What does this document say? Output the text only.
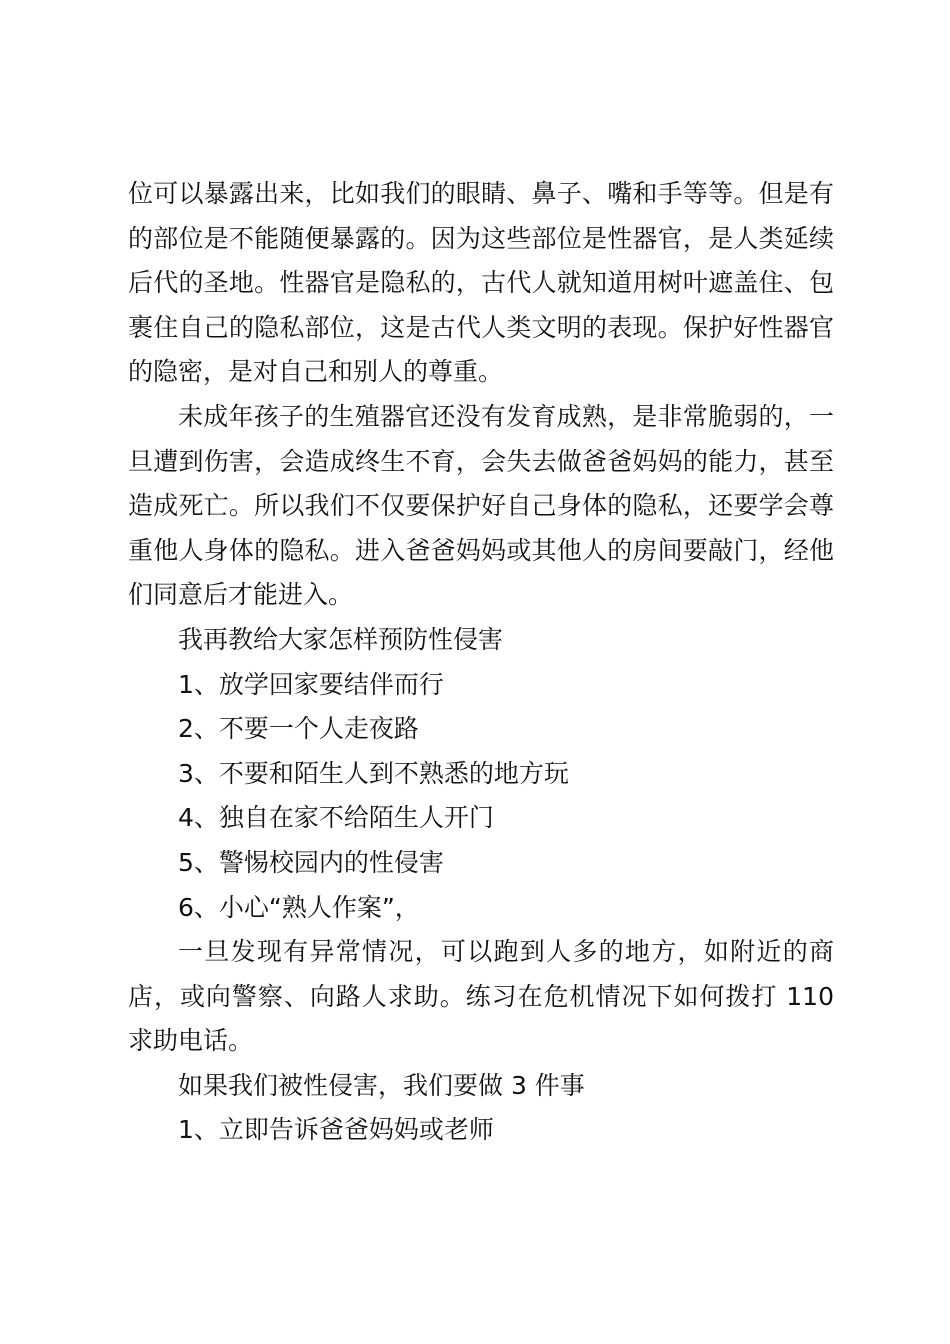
位可以暴露出来，比如我们的眼睛、鼻子、嘴和手等等。但是有的部位是不能随便暴露的。因为这些部位是性器官，是人类延续后代的圣地。性器官是隐私的，古代人就知道用树叶遮盖住、包裹住自己的隐私部位，这是古代人类文明的表现。保护好性器官的隐密，是对自己和别人的尊重。

未成年孩子的生殖器官还没有发育成熟，是非常脆弱的，一旦遭到伤害，会造成终生不育，会失去做爸爸妈妈的能力，甚至造成死亡。所以我们不仅要保护好自己身体的隐私，还要学会尊重他人身体的隐私。进入爸爸妈妈或其他人的房间要敲门，经他们同意后才能进入。

我再教给大家怎样预防性侵害

1、放学回家要结伴而行

2、不要一个人走夜路

3、不要和陌生人到不熟悉的地方玩

4、独自在家不给陌生人开门

5、警惕校园内的性侵害

6、小心“熟人作案”，

一旦发现有异常情况，可以跑到人多的地方，如附近的商店，或向警察、向路人求助。练习在危机情况下如何拨打 110 求助电话。

如果我们被性侵害，我们要做 3 件事

1、立即告诉爸爸妈妈或老师
